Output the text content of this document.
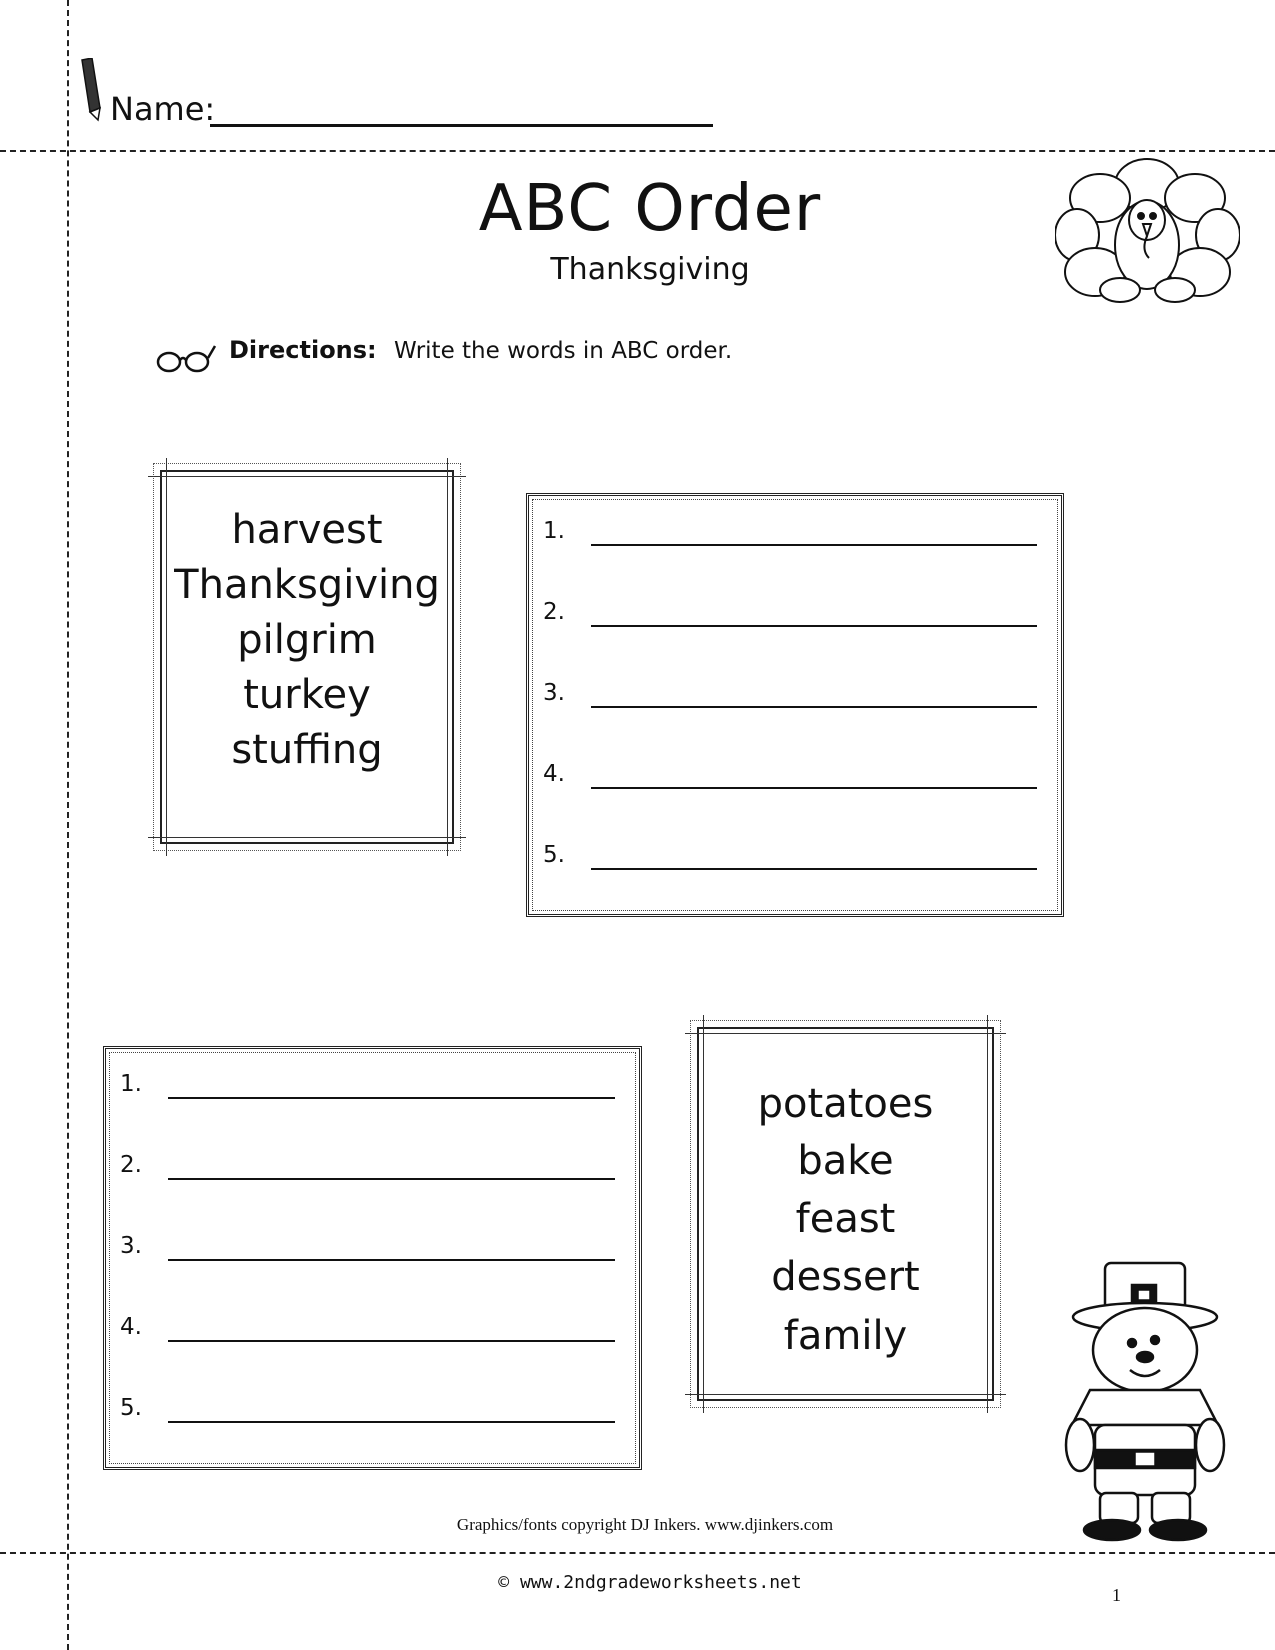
Name:
ABC Order
Thanksgiving
Directions: Write the words in ABC order.
harvest
Thanksgiving
pilgrim
turkey
stuffing
1.
2.
3.
4.
5.
1.
2.
3.
4.
5.
potatoes
bake
feast
dessert
family
Graphics/fonts copyright DJ Inkers. www.djinkers.com
© www.2ndgradeworksheets.net
1
